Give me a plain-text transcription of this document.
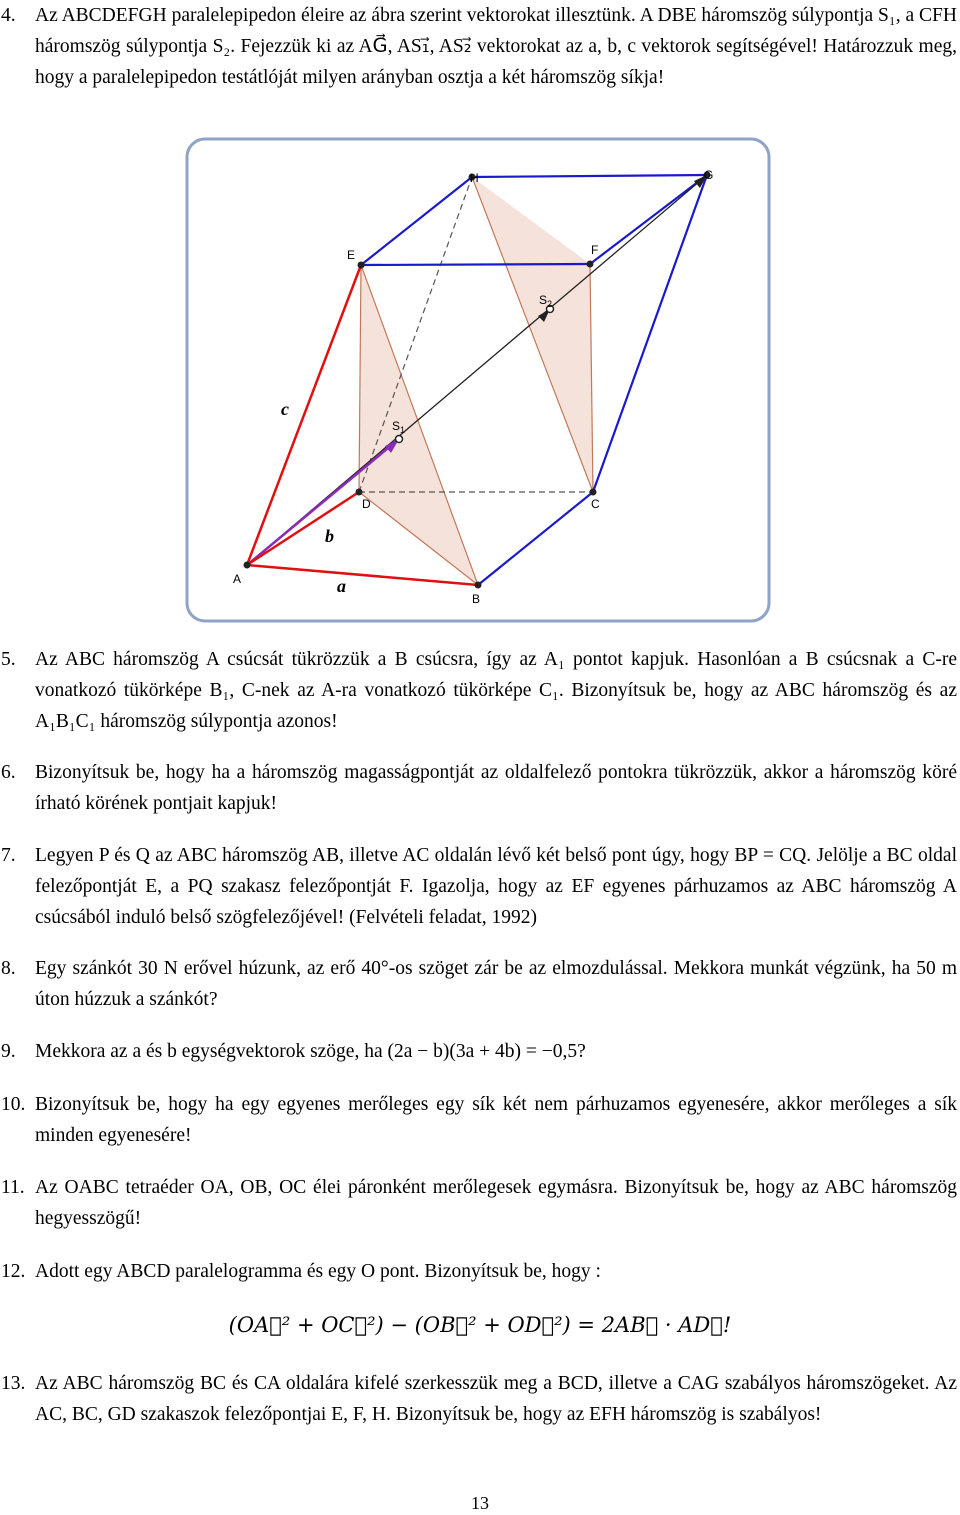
4. Az ABCDEFGH paralelepipedon éleire az ábra szerint vektorokat illesztünk. A DBE háromszög súlypontja S₁, a CFH háromszög súlypontja S₂. Fejezzük ki az AG⃗, AS₁⃗, AS₂⃗ vektorokat az a, b, c vektorok segítségével! Határozzuk meg, hogy a paralelepipedon testátlóját milyen arányban osztja a két háromszög síkja!
A
B
C
D
E	F
G
H
$S_1$
$S_2$
a
b
c
5. Az ABC háromszög A csúcsát tükrözzük a B csúcsra, így az A₁ pontot kapjuk. Hasonlóan a B csúcsnak a C-re vonatkozó tükörképe B₁, C-nek az A-ra vonatkozó tükörképe C₁. Bizonyítsuk be, hogy az ABC háromszög és az A₁B₁C₁ háromszög súlypontja azonos!
6. Bizonyítsuk be, hogy ha a háromszög magasságpontját az oldalfelező pontokra tükrözzük, akkor a háromszög köré írható körének pontjait kapjuk!
7. Legyen P és Q az ABC háromszög AB, illetve AC oldalán lévő két belső pont úgy, hogy BP = CQ. Jelölje a BC oldal felezőpontját E, a PQ szakasz felezőpontját F. Igazolja, hogy az EF egyenes párhuzamos az ABC háromszög A csúcsából induló belső szögfelezőjével! (Felvételi feladat, 1992)
8. Egy szánkót 30 N erővel húzunk, az erő 40°-os szöget zár be az elmozdulással. Mekkora munkát végzünk, ha 50 m úton húzzuk a szánkót?
9. Mekkora az a és b egységvektorok szöge, ha (2a − b)(3a + 4b) = −0,5?
10. Bizonyítsuk be, hogy ha egy egyenes merőleges egy sík két nem párhuzamos egyenesére, akkor merőleges a sík minden egyenesére!
11. Az OABC tetraéder OA, OB, OC élei páronként merőlegesek egymásra. Bizonyítsuk be, hogy az ABC háromszög hegyesszögű!
12. Adott egy ABCD paralelogramma és egy O pont. Bizonyítsuk be, hogy :
(OA⃗² + OC⃗²) − (OB⃗² + OD⃗²) = 2AB⃗ · AD⃗!
13. Az ABC háromszög BC és CA oldalára kifelé szerkesszük meg a BCD, illetve a CAG szabályos háromszögeket. Az AC, BC, GD szakaszok felezőpontjai E, F, H. Bizonyítsuk be, hogy az EFH háromszög is szabályos!
13
